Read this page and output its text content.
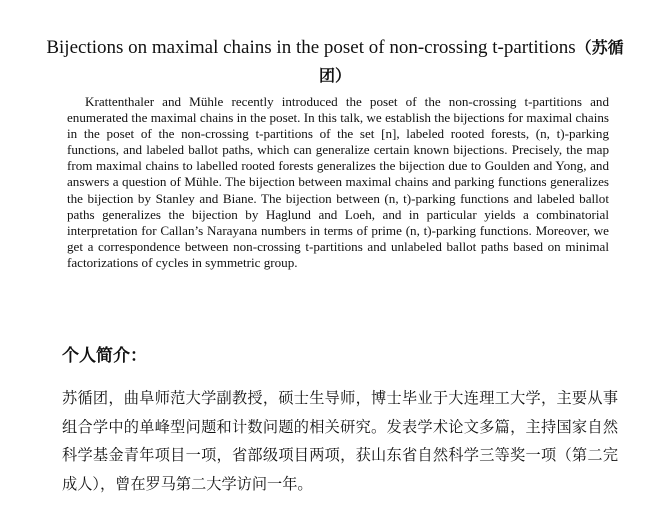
Bijections on maximal chains in the poset of non-crossing t-partitions（苏循团）
Krattenthaler and Mühle recently introduced the poset of the non-crossing t-partitions and enumerated the maximal chains in the poset. In this talk, we establish the bijections for maximal chains in the poset of the non-crossing t-partitions of the set [n], labeled rooted forests, (n, t)-parking functions, and labeled ballot paths, which can generalize certain known bijections. Precisely, the map from maximal chains to labelled rooted forests generalizes the bijection due to Goulden and Yong, and answers a question of Mühle. The bijection between maximal chains and parking functions generalizes the bijection by Stanley and Biane. The bijection between (n, t)-parking functions and labeled ballot paths generalizes the bijection by Haglund and Loeh, and in particular yields a combinatorial interpretation for Callan’s Narayana numbers in terms of prime (n, t)-parking functions. Moreover, we get a correspondence between non-crossing t-partitions and unlabeled ballot paths based on minimal factorizations of cycles in symmetric group.
个人简介：
苏循团，曲阜师范大学副教授，硕士生导师，博士毕业于大连理工大学，主要从事组合学中的单峰型问题和计数问题的相关研究。发表学术论文多篇，主持国家自然科学基金青年项目一项，省部级项目两项，获山东省自然科学三等奖一项（第二完成人），曾在罗马第二大学访问一年。
